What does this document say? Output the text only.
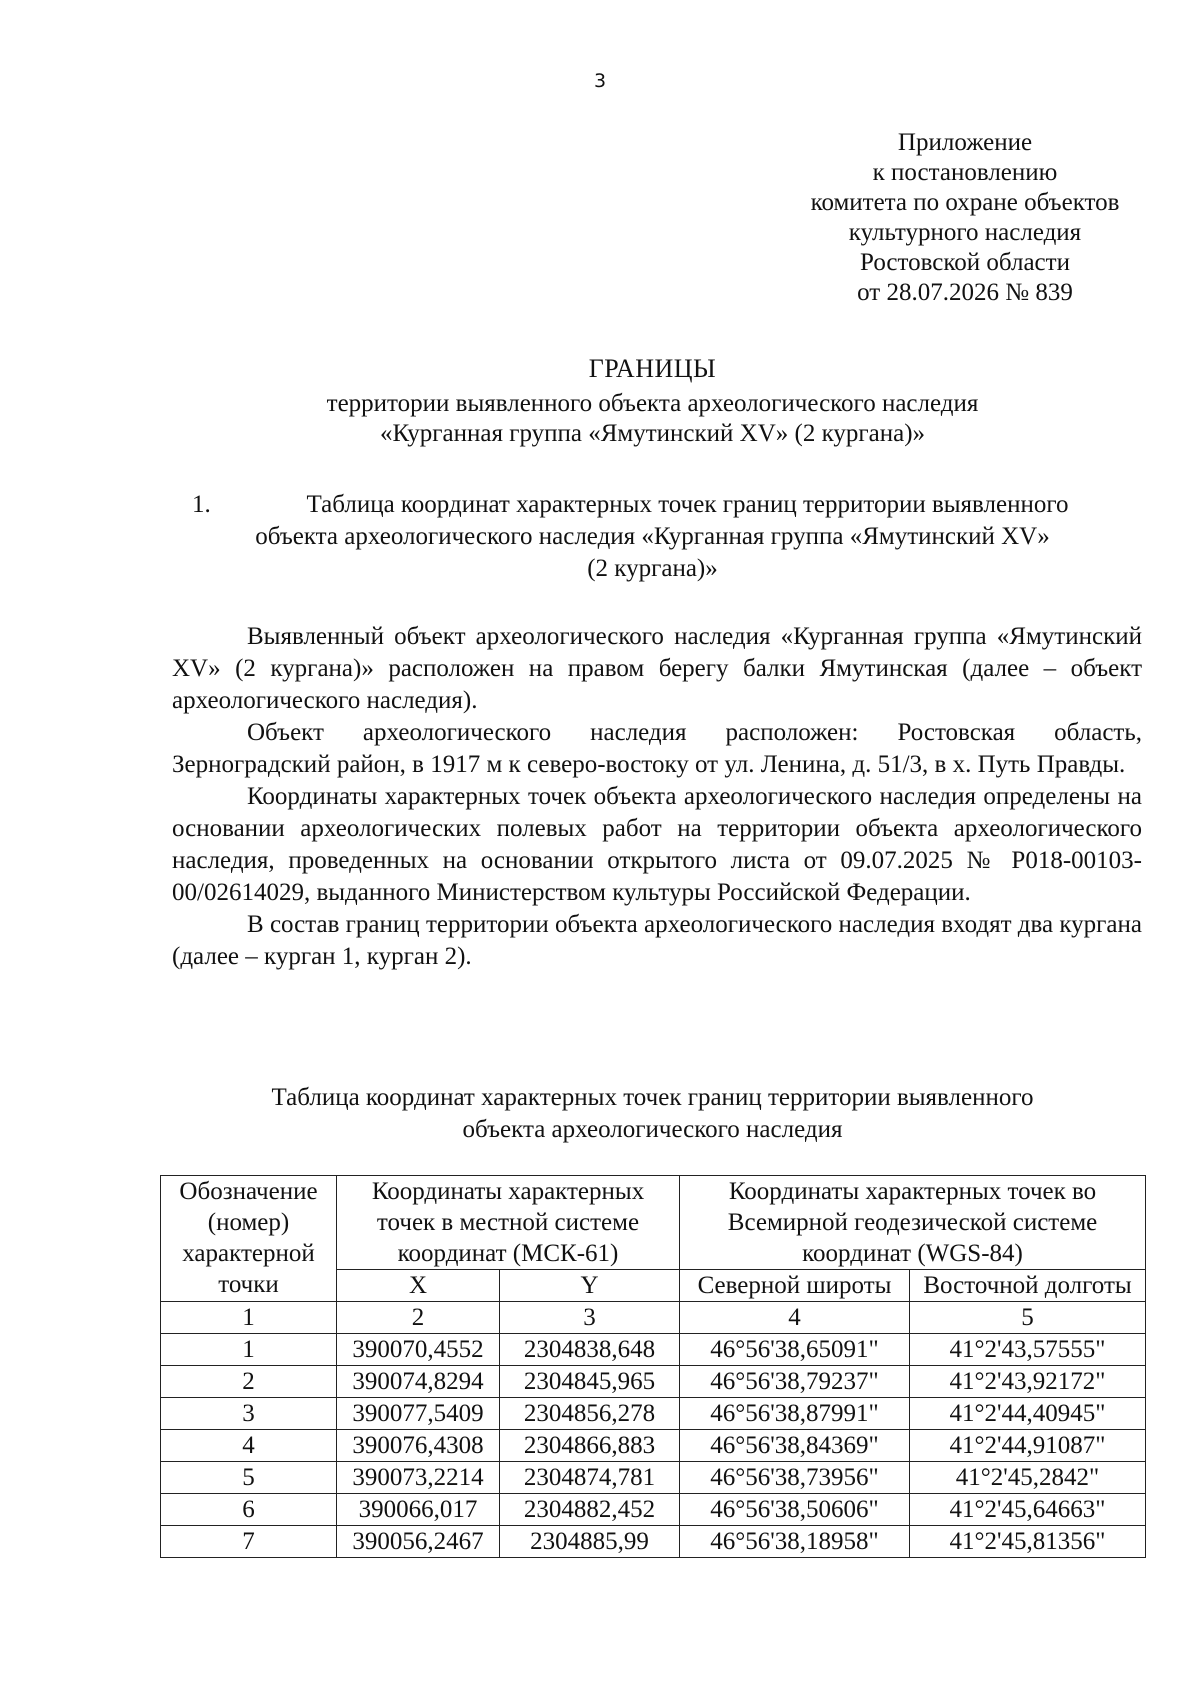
3
Приложение
к постановлению
комитета по охране объектов
культурного наследия
Ростовской области
от 28.07.2026 № 839
ГРАНИЦЫ
территории выявленного объекта археологического наследия
«Курганная группа «Ямутинский XV» (2 кургана)»
1.	Таблица координат характерных точек границ территории выявленного
объекта археологического наследия «Курганная группа «Ямутинский XV»
(2 кургана)»

Выявленный объект археологического наследия «Курганная группа «Ямутинский XV» (2 кургана)» расположен на правом берегу балки Ямутинская (далее – объект археологического наследия).

Объект археологического наследия расположен: Ростовская область, Зерноградский район, в 1917 м к северо-востоку от ул. Ленина, д. 51/3, в х. Путь Правды.

Координаты характерных точек объекта археологического наследия определены на основании археологических полевых работ на территории объекта археологического наследия, проведенных на основании открытого листа от 09.07.2025 № Р018-00103-00/02614029, выданного Министерством культуры Российской Федерации.

В состав границ территории объекта археологического наследия входят два кургана (далее – курган 1, курган 2).

Таблица координат характерных точек границ территории выявленного
объекта археологического наследия
Обозначение (номер) характерной точки	Координаты характерных точек в местной системе координат (МСК-61)		Координаты характерных точек во Всемирной геодезической системе координат (WGS-84)	
	X	Y	Северной широты	Восточной долготы
1	2	3	4	5
1	390070,4552	2304838,648	46°56'38,65091"	41°2'43,57555"
2	390074,8294	2304845,965	46°56'38,79237"	41°2'43,92172"
3	390077,5409	2304856,278	46°56'38,87991"	41°2'44,40945"
4	390076,4308	2304866,883	46°56'38,84369"	41°2'44,91087"
5	390073,2214	2304874,781	46°56'38,73956"	41°2'45,2842"
6	390066,017	2304882,452	46°56'38,50606"	41°2'45,64663"
7	390056,2467	2304885,99	46°56'38,18958"	41°2'45,81356"
